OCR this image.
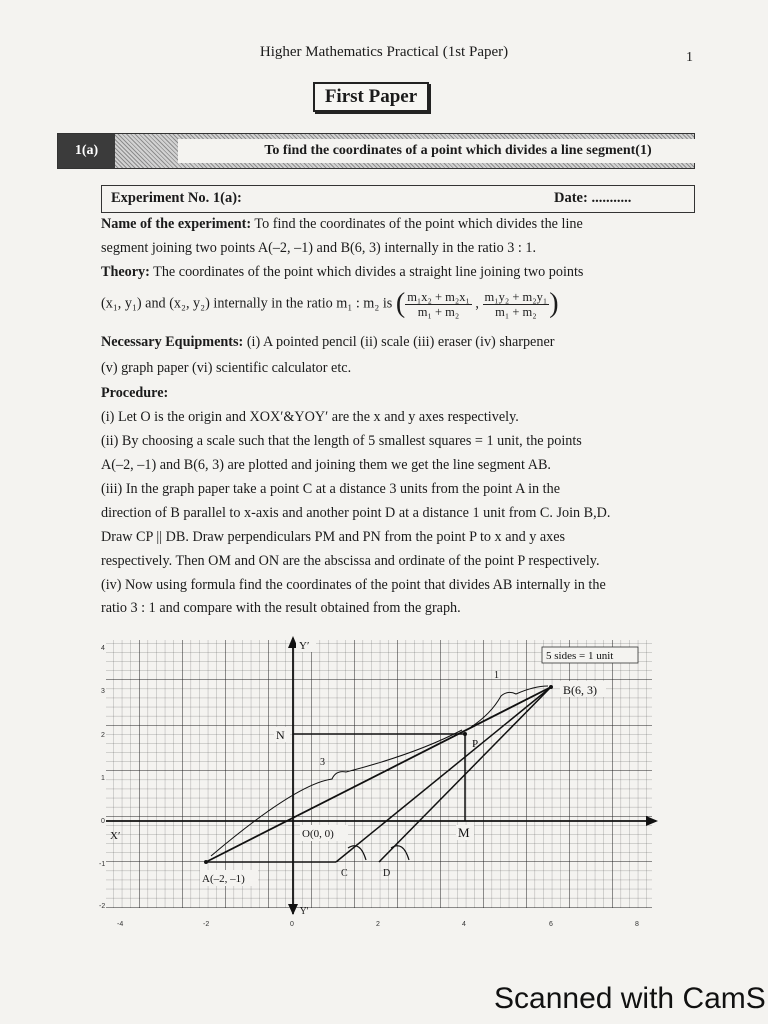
Higher Mathematics Practical (1st Paper)	1
First Paper
1(a)	To find the coordinates of a point which divides a line segment(1)
Experiment No. 1(a):	Date: ...........
Name of the experiment: To find the coordinates of the point which divides the line
segment joining two points A(–2, –1) and B(6, 3) internally in the ratio 3 : 1.
Theory: The coordinates of the point which divides a straight line joining two points
(x₁, y₁) and (x₂, y₂) internally in the ratio m₁ : m₂ is ( $\frac{\text{m₁x₂ + m₂x₁}}{\text{m₁ + m₂}}$ , $\frac{\text{m₁y₂ + m₂y₁}}{\text{m₁ + m₂}}$ )
Necessary Equipments: (i) A pointed pencil (ii) scale (iii) eraser (iv) sharpener
(v) graph paper (vi) scientific calculator etc.
Procedure:
(i) Let O is the origin and XOX′&YOY′ are the x and y axes respectively.
(ii) By choosing a scale such that the length of 5 smallest squares = 1 unit, the points
A(–2, –1) and B(6, 3) are plotted and joining them we get the line segment AB.
(iii) In the graph paper take a point C at a distance 3 units from the point A in the
direction of B parallel to x-axis and another point D at a distance 1 unit from C. Join B,D.
Draw CP || DB. Draw perpendiculars PM and PN from the point P to x and y axes
respectively. Then OM and ON are the abscissa and ordinate of the point P respectively.
(iv) Now using formula find the coordinates of the point that divides AB internally in the
ratio 3 : 1 and compare with the result obtained from the graph.
5 sides = 1 unit
B(6, 3)
A(–2, –1)
O(0, 0)
N
P
M
C	D
Y′
Y′
X′
3
1
4
3
2
1
0
-1
-2
-4	-2	0	2	4	6	8
Scanned with CamS
